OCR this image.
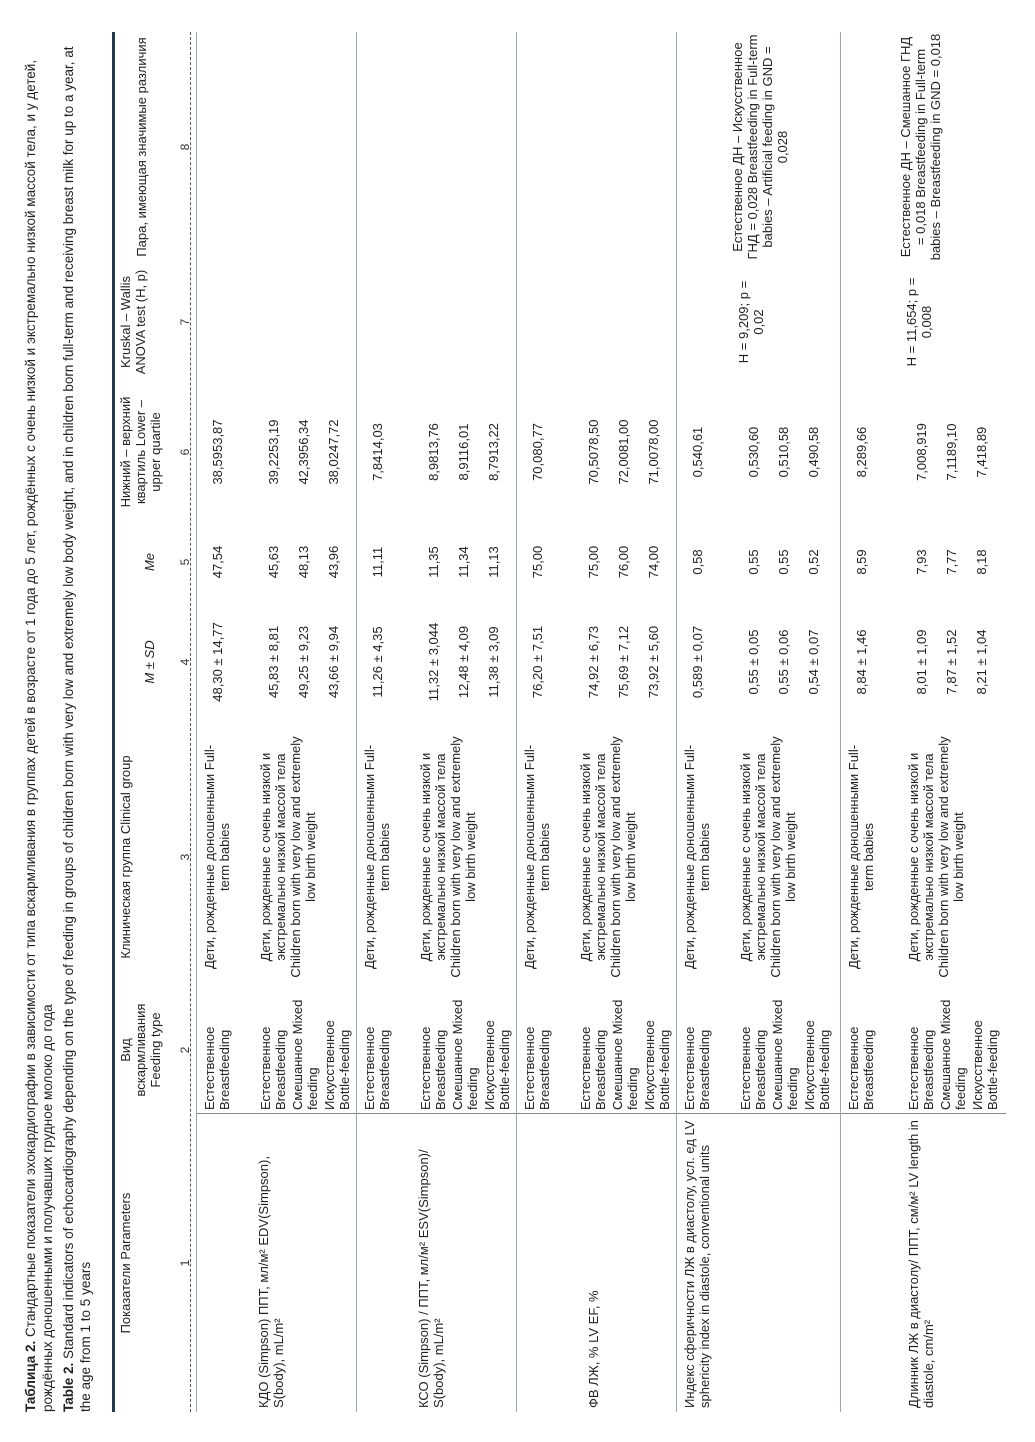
Таблица 2. Стандартные показатели эхокардиографии в зависимости от типа вскармливания в группах детей в возрасте от 1 года до 5 лет, рождённых с очень низкой и экстремально низкой массой тела, и у детей, рождённых доношенными и получавших грудное молоко до года Table 2. Standard indicators of echocardiography depending on the type of feeding in groups of children born with very low and extremely low body weight, and in children born full-term and receiving breast milk for up to a year, at the age from 1 to 5 years Показатели Parameters
Вид вскармливания Feeding type
Клиническая группа Clinical group
M ± SD
Me
Нижний – верхний квартиль Lower – upper quartile
Kruskal – Wallis ANOVA test (H, p)
Пара, имеющая значимые различия
1
2
3
4
5
6
7
8
КДО (Simpson) ППТ, мл/м² EDV(Simpson), S(body), mL/m²
Естественное Breastfeeding
Дети, рожденные доношенными Full-term babies
48,30 ± 14,77
47,54
38,5953,87
Естественное Breastfeeding Смешанное Mixed feeding Искусственное Bottle-feeding
Дети, рожденные с очень низкой и экстремально низкой массой тела Children born with very low and extremely low birth weight
45,83 ± 8,81
45,63
39,2253,19
49,25 ± 9,23
48,13
42,3956,34
43,66 ± 9,94
43,96
38,0247,72
КСО (Simpson) / ППТ, мл/м² ESV(Simpson)/ S(body), mL/m²
Естественное Breastfeeding
Дети, рожденные доношенными Full-term babies
11,26 ± 4,35
11,11
7,8414,03
Естественное Breastfeeding Смешанное Mixed feeding Искусственное Bottle-feeding
Дети, рожденные с очень низкой и экстремально низкой массой тела Children born with very low and extremely low birth weight
11,32 ± 3,044
11,35
8,9813,76
12,48 ± 4,09
11,34
8,9116,01
11,38 ± 3,09
11,13
8,7913,22
ФВ ЛЖ, % LV EF, %
Естественное Breastfeeding
Дети, рожденные доношенными Full-term babies
76,20 ± 7,51
75,00
70,080,77
Естественное Breastfeeding Смешанное Mixed feeding Искусственное Bottle-feeding
Дети, рожденные с очень низкой и экстремально низкой массой тела Children born with very low and extremely low birth weight
74,92 ± 6,73
75,00
70,5078,50
75,69 ± 7,12
76,00
72,0081,00
73,92 ± 5,60
74,00
71,0078,00
Индекс сферичности ЛЖ в диастолу, усл. ед LV sphericity index in diastole, conventional units
Естественное Breastfeeding
Дети, рожденные доношенными Full-term babies
0,589 ± 0,07
0,58
0,540,61
Естественное Breastfeeding Смешанное Mixed feeding Искусственное Bottle-feeding
Дети, рожденные с очень низкой и экстремально низкой массой тела Children born with very low and extremely low birth weight
0,55 ± 0,05
0,55
0,530,60
0,55 ± 0,06
0,55
0,510,58
0,54 ± 0,07
0,52
0,490,58
H = 9,209; p = 0,02
Естественное ДН – Искусственное ГНД = 0,028 Breastfeeding in Full-term babies – Artificial feeding in GND = 0,028
Длинник ЛЖ в диастолу/ ППТ, см/м² LV length in diastole, cm/m²
Естественное Breastfeeding
Дети, рожденные доношенными Full-term babies
8,84 ± 1,46
8,59
8,289,66
Естественное Breastfeeding Смешанное Mixed feeding Искусственное Bottle-feeding
Дети, рожденные с очень низкой и экстремально низкой массой тела Children born with very low and extremely low birth weight
8,01 ± 1,09
7,93
7,008,919
7,87 ± 1,52
7,77
7,1189,10
8,21 ± 1,04
8,18
7,418,89
H = 11,654; p = 0,008
Естественное ДН – Смешанное ГНД = 0,018 Breastfeeding in Full-term babies – Breastfeeding in GND = 0,018
